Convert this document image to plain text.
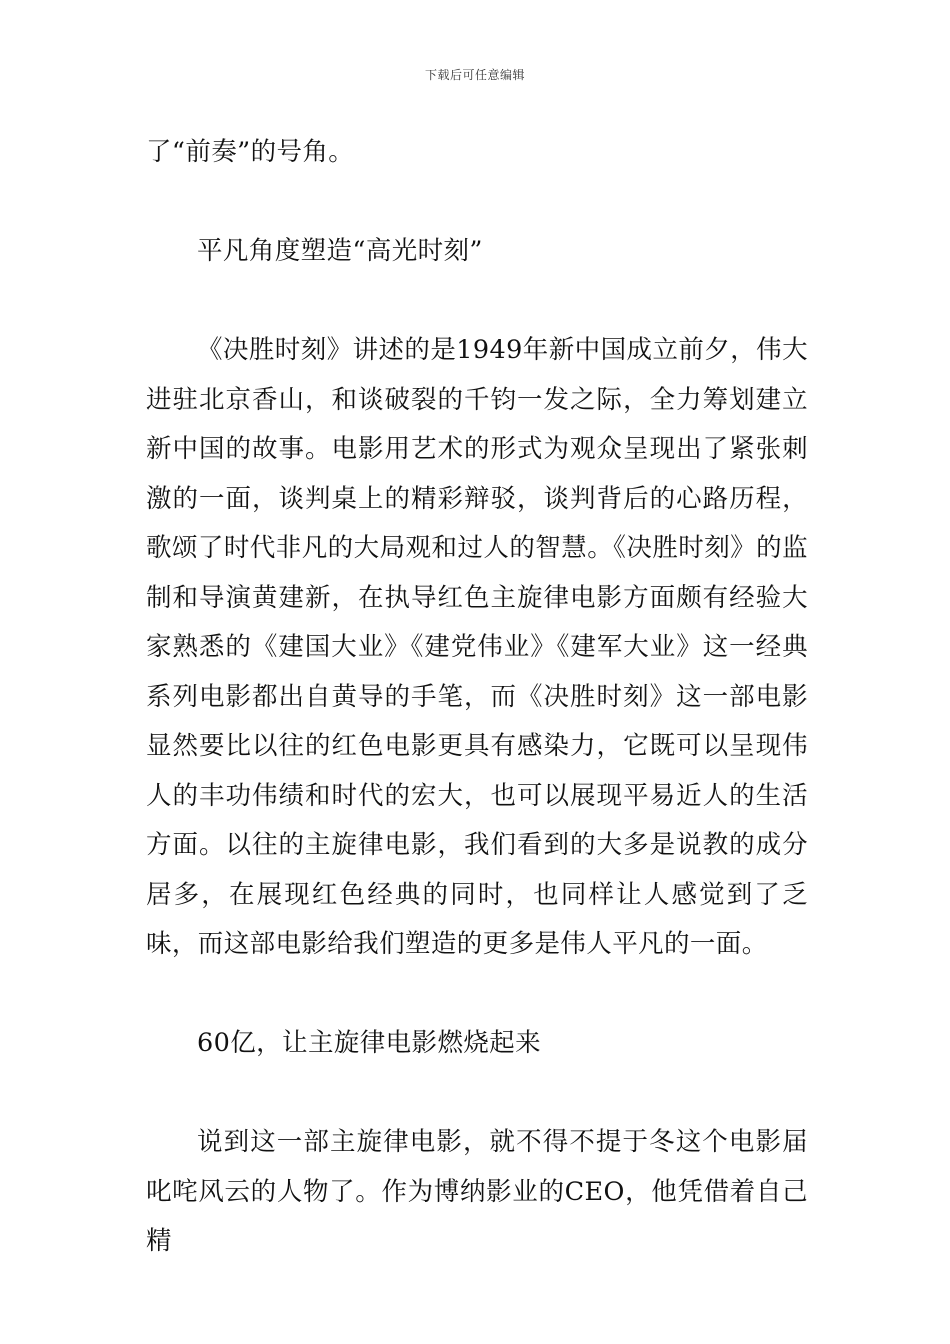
下载后可任意编辑

了“前奏”的号角。

平凡角度塑造“高光时刻”

《决胜时刻》讲述的是1949年新中国成立前夕，伟大进驻北京香山，和谈破裂的千钧一发之际，全力筹划建立新中国的故事。电影用艺术的形式为观众呈现出了紧张刺激的一面，谈判桌上的精彩辩驳，谈判背后的心路历程，歌颂了时代非凡的大局观和过人的智慧。《决胜时刻》的监制和导演黄建新，在执导红色主旋律电影方面颇有经验大家熟悉的《建国大业》《建党伟业》《建军大业》这一经典系列电影都出自黄导的手笔，而《决胜时刻》这一部电影显然要比以往的红色电影更具有感染力，它既可以呈现伟人的丰功伟绩和时代的宏大，也可以展现平易近人的生活方面。以往的主旋律电影，我们看到的大多是说教的成分居多，在展现红色经典的同时，也同样让人感觉到了乏味，而这部电影给我们塑造的更多是伟人平凡的一面。

60亿，让主旋律电影燃烧起来

说到这一部主旋律电影，就不得不提于冬这个电影届叱咤风云的人物了。作为博纳影业的CEO，他凭借着自己精
